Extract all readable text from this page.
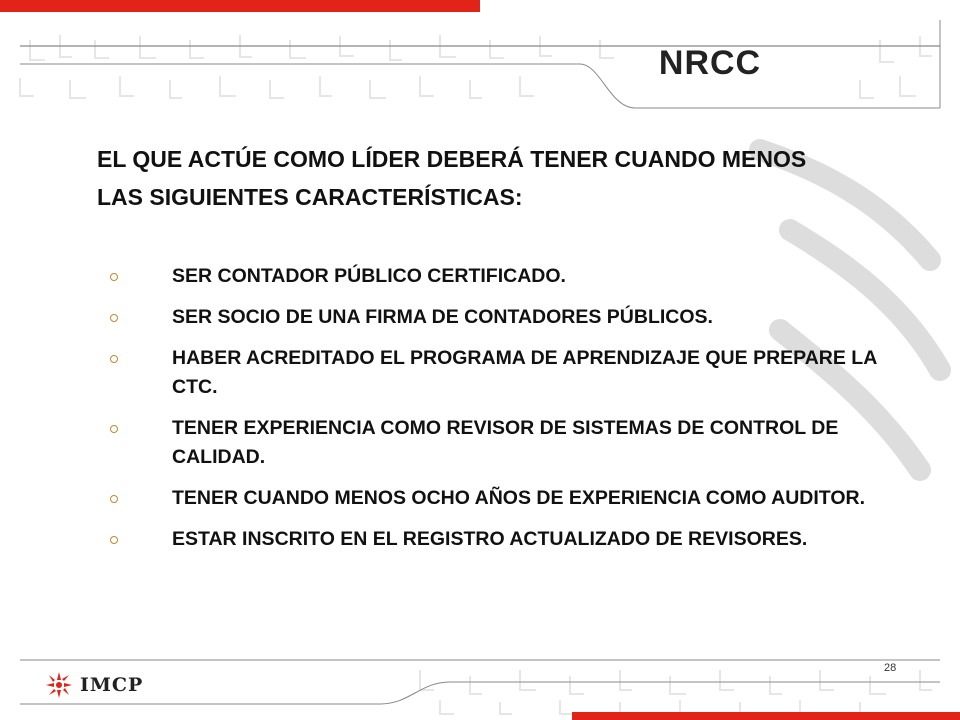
NRCC
EL QUE ACTÚE COMO LÍDER DEBERÁ TENER CUANDO MENOS LAS SIGUIENTES CARACTERÍSTICAS:
SER CONTADOR PÚBLICO CERTIFICADO.
SER SOCIO DE UNA FIRMA DE CONTADORES PÚBLICOS.
HABER ACREDITADO EL PROGRAMA DE APRENDIZAJE QUE PREPARE LA CTC.
TENER EXPERIENCIA COMO REVISOR DE SISTEMAS DE CONTROL DE CALIDAD.
TENER CUANDO MENOS OCHO AÑOS DE EXPERIENCIA COMO AUDITOR.
ESTAR INSCRITO EN EL REGISTRO ACTUALIZADO DE REVISORES.
28
IMCP
